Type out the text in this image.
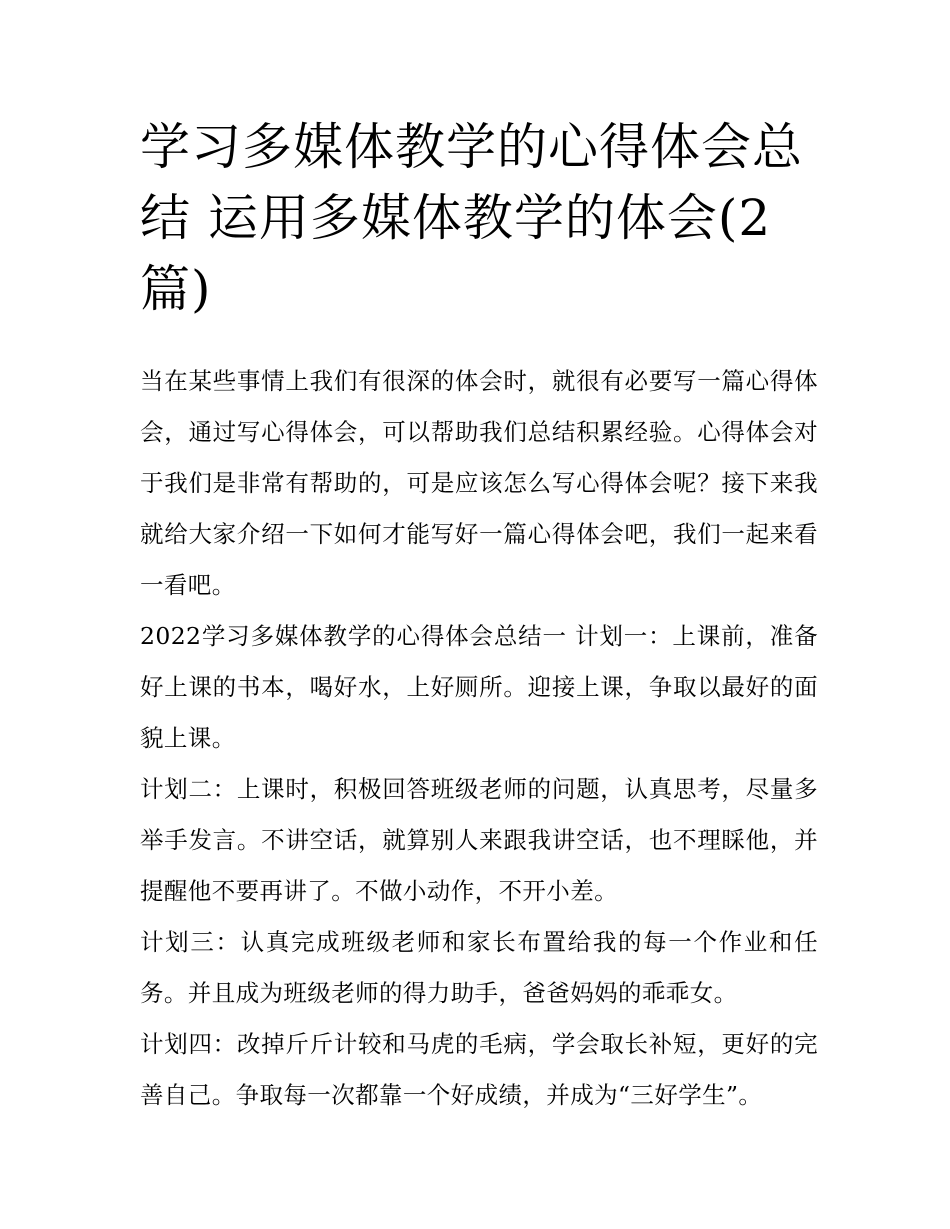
学习多媒体教学的心得体会总结 运用多媒体教学的体会(2篇)

当在某些事情上我们有很深的体会时，就很有必要写一篇心得体会，通过写心得体会，可以帮助我们总结积累经验。心得体会对于我们是非常有帮助的，可是应该怎么写心得体会呢？接下来我就给大家介绍一下如何才能写好一篇心得体会吧，我们一起来看一看吧。

2022学习多媒体教学的心得体会总结一 计划一：上课前，准备好上课的书本，喝好水，上好厕所。迎接上课，争取以最好的面貌上课。

计划二：上课时，积极回答班级老师的问题，认真思考，尽量多举手发言。不讲空话，就算别人来跟我讲空话，也不理睬他，并提醒他不要再讲了。不做小动作，不开小差。

计划三：认真完成班级老师和家长布置给我的每一个作业和任务。并且成为班级老师的得力助手，爸爸妈妈的乖乖女。

计划四：改掉斤斤计较和马虎的毛病，学会取长补短，更好的完善自己。争取每一次都靠一个好成绩，并成为“三好学生”。
